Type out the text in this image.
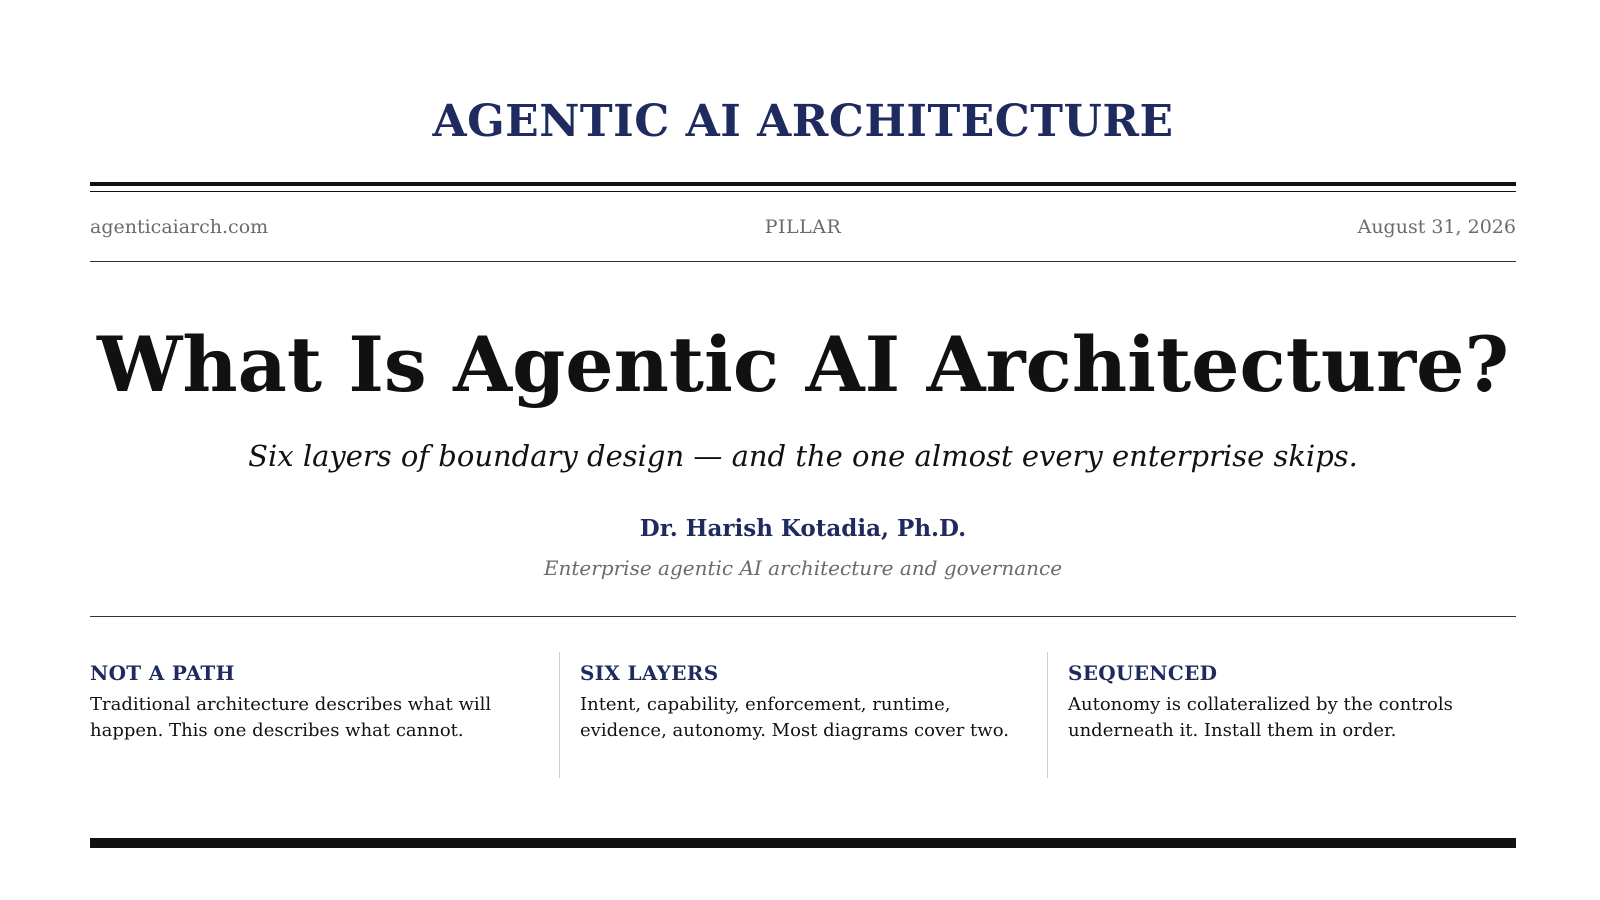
AGENTIC AI ARCHITECTURE
agenticaiarch.com	PILLAR	August 31, 2026
What Is Agentic AI Architecture?
Six layers of boundary design — and the one almost every enterprise skips.
Dr. Harish Kotadia, Ph.D.
Enterprise agentic AI architecture and governance
NOT A PATH
Traditional architecture describes what will happen. This one describes what cannot.
SIX LAYERS
Intent, capability, enforcement, runtime, evidence, autonomy. Most diagrams cover two.
SEQUENCED
Autonomy is collateralized by the controls underneath it. Install them in order.
